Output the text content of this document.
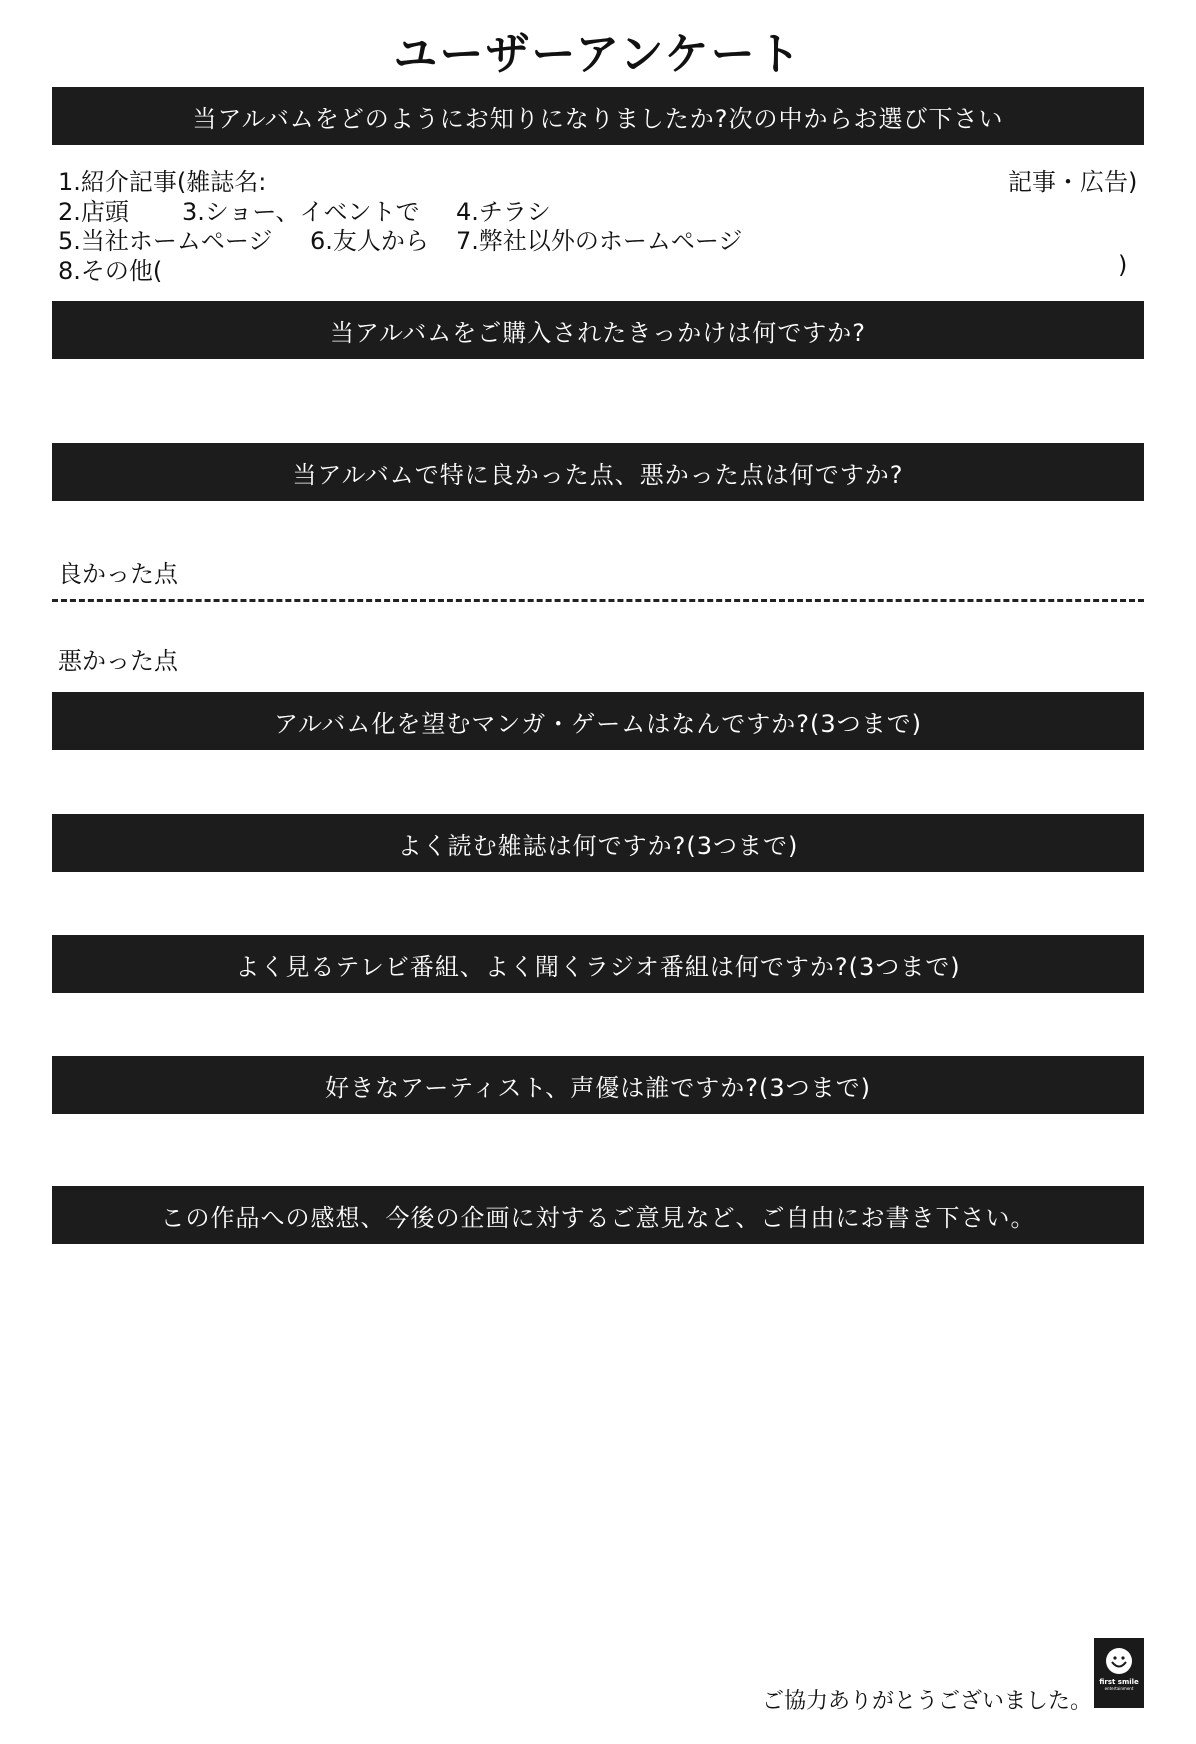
ユーザーアンケート
当アルバムをどのようにお知りになりましたか?次の中からお選び下さい
1.紹介記事(雑誌名:	記事・広告)
2.店頭 3.ショー、イベントで 4.チラシ
5.当社ホームページ 6.友人から 7.弊社以外のホームページ
8.その他(	)
当アルバムをご購入されたきっかけは何ですか?
当アルバムで特に良かった点、悪かった点は何ですか?
良かった点
悪かった点
アルバム化を望むマンガ・ゲームはなんですか?(3つまで)
よく読む雑誌は何ですか?(3つまで)
よく見るテレビ番組、よく聞くラジオ番組は何ですか?(3つまで)
好きなアーティスト、声優は誰ですか?(3つまで)
この作品への感想、今後の企画に対するご意見など、ご自由にお書き下さい。
ご協力ありがとうございました。
first smile
entertainment
